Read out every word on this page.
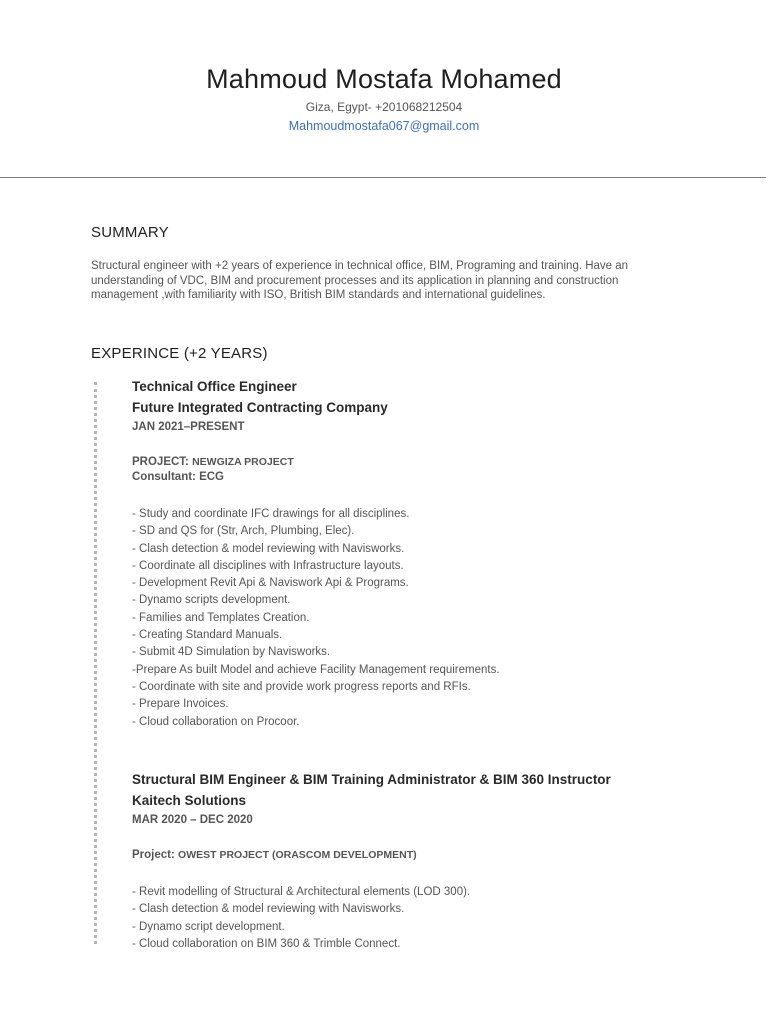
Mahmoud Mostafa Mohamed
Giza, Egypt- +201068212504
Mahmoudmostafa067@gmail.com
SUMMARY
Structural engineer with +2 years of experience in technical office, BIM, Programing and training. Have an understanding of VDC, BIM and procurement processes and its application in planning and construction management ,with familiarity with ISO, British BIM standards and international guidelines.
EXPERINCE (+2 YEARS)
Technical Office Engineer
Future Integrated Contracting Company
JAN 2021–PRESENT
PROJECT: NEWGIZA PROJECT
Consultant: ECG
- Study and coordinate IFC drawings for all disciplines.
- SD and QS for (Str, Arch, Plumbing, Elec).
- Clash detection & model reviewing with Navisworks.
- Coordinate all disciplines with Infrastructure layouts.
- Development Revit Api & Naviswork Api & Programs.
- Dynamo scripts development.
- Families and Templates Creation.
- Creating Standard Manuals.
- Submit 4D Simulation by Navisworks.
-Prepare As built Model and achieve Facility Management requirements.
- Coordinate with site and provide work progress reports and RFIs.
- Prepare Invoices.
- Cloud collaboration on Procoor.
Structural BIM Engineer & BIM Training Administrator & BIM 360 Instructor
Kaitech Solutions
MAR 2020 – DEC 2020
Project: OWEST PROJECT (ORASCOM DEVELOPMENT)
- Revit modelling of Structural & Architectural elements (LOD 300).
- Clash detection & model reviewing with Navisworks.
- Dynamo script development.
- Cloud collaboration on BIM 360 & Trimble Connect.
